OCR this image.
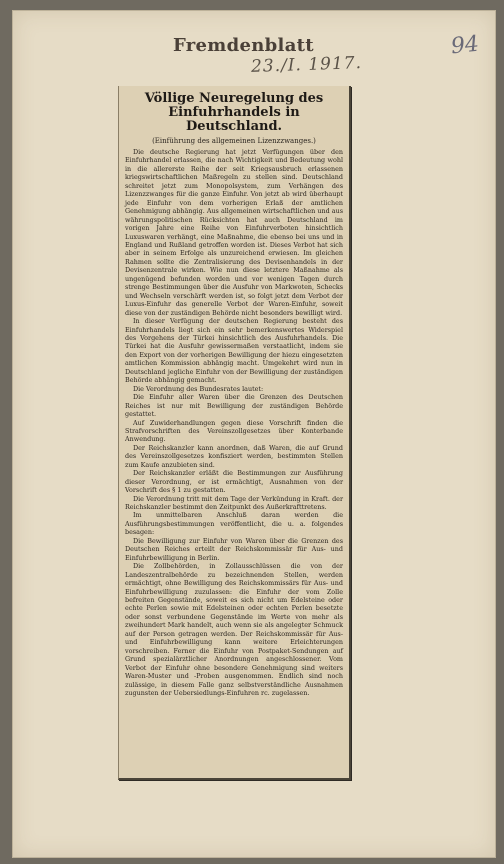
Fremdenblatt
23./I. 1917.
94
Völlige Neuregelung des Einfuhrhandels in Deutschland.
(Einführung des allgemeinen Lizenzzwanges.)

Die deutsche Regierung hat jetzt Verfügungen über den Einfuhrhandel erlassen, die nach Wichtigkeit und Bedeutung wohl in die allererste Reihe der seit Kriegsausbruch erlassenen kriegswirtschaftlichen Maßregeln zu stellen sind. Deutschland schreitet jetzt zum Monopolsystem, zum Verhängen des Lizenzzwanges für die ganze Einfuhr. Von jetzt ab wird überhaupt jede Einfuhr von dem vorherigen Erlaß der amtlichen Genehmigung abhängig. Aus allgemeinen wirtschaftlichen und aus währungspolitischen Rücksichten hat auch Deutschland im vorigen Jahre eine Reihe von Einfuhrverboten hinsichtlich Luxuswaren verhängt, eine Maßnahme, die ebenso bei uns und in England und Rußland getroffen worden ist. Dieses Verbot hat sich aber in seinem Erfolge als unzureichend erwiesen. Im gleichen Rahmen sollte die Zentralisierung des Devisenhandels in der Devisenzentrale wirken. Wie nun diese letztere Maßnahme als ungenügend befunden worden und vor wenigen Tagen durch strenge Bestimmungen über die Ausfuhr von Markwoten, Schecks und Wechseln verschärft werden ist, so folgt jetzt dem Verbot der Luxus-Einfuhr das generelle Verbot der Waren-Einfuhr, soweit diese von der zuständigen Behörde nicht besonders bewilligt wird.

In dieser Verfügung der deutschen Regierung besteht des Einfuhrhandels liegt sich ein sehr bemerkenswertes Widerspiel des Vorgehens der Türkei hinsichtlich des Ausfuhrhandels. Die Türkei hat die Ausfuhr gewissermaßen verstaatlicht, indem sie den Export von der vorherigen Bewilligung der hiezu eingesetzten amtlichen Kommission abhängig macht. Umgekehrt wird nun in Deutschland jegliche Einfuhr von der Bewilligung der zuständigen Behörde abhängig gemacht.

Die Verordnung des Bundesrates lautet:

Die Einfuhr aller Waren über die Grenzen des Deutschen Reiches ist nur mit Bewilligung der zuständigen Behörde gestattet.

Auf Zuwiderhandlungen gegen diese Vorschrift finden die Strafvorschriften des Vereinszollgesetzes über Konterbande Anwendung.

Der Reichskanzler kann anordnen, daß Waren, die auf Grund des Vereinszollgesetzes konfisziert werden, bestimmten Stellen zum Kaufe anzubieten sind.

Der Reichskanzler erläßt die Bestimmungen zur Ausführung dieser Verordnung, er ist ermächtigt, Ausnahmen von der Vorschrift des § 1 zu gestatten.

Die Verordnung tritt mit dem Tage der Verkündung in Kraft. der Reichskanzler bestimmt den Zeitpunkt des Außerkrafttretens.

Im unmittelbaren Anschluß daran werden die Ausführungsbestimmungen veröffentlicht, die u. a. folgendes besagen:

Die Bewilligung zur Einfuhr von Waren über die Grenzen des Deutschen Reiches erteilt der Reichskommissär für Aus- und Einfuhrbewilligung in Berlin.

Die Zollbehörden, in Zollausschlüssen die von der Landeszentralbehörde zu bezeichnenden Stellen, werden ermächtigt, ohne Bewilligung des Reichskommissärs für Aus- und Einfuhrbewilligung zuzulassen: die Einfuhr der vom Zolle befreiten Gegenstände, soweit es sich nicht um Edelsteine oder echte Perlen sowie mit Edelsteinen oder echten Perlen besetzte oder sonst verbundene Gegenstände im Werte von mehr als zweihundert Mark handelt, auch wenn sie als angelegter Schmuck auf der Person getragen werden. Der Reichskommissär für Aus- und Einfuhrbewilligung kann weitere Erleichterungen vorschreiben. Ferner die Einfuhr von Postpaket-Sendungen auf Grund spezialärztlicher Anordnungen angeschlossener. Vom Verbot der Einfuhr ohne besondere Genehmigung sind weiters Waren-Muster und -Proben ausgenommen. Endlich sind noch zulässige, in diesem Falle ganz selbstverständliche Ausnahmen zugunsten der Uebersiedlungs-Einfuhren rc. zugelassen.
